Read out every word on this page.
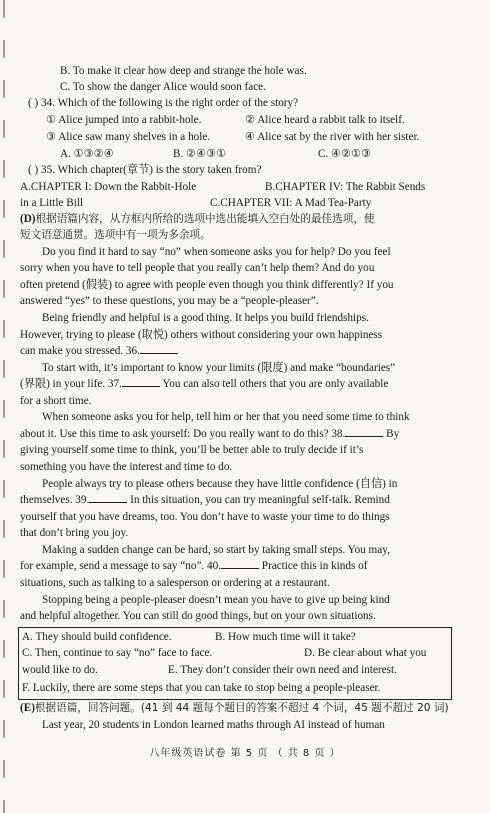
B. To make it clear how deep and strange the hole was.
C. To show the danger Alice would soon face.
( ) 34. Which of the following is the right order of the story?
① Alice jumped into a rabbit-hole.	② Alice heard a rabbit talk to itself.
③ Alice saw many shelves in a hole.	④ Alice sat by the river with her sister.
A. ①③②④	B. ②④③①	C. ④②①③
( ) 35. Which chapter(章节) is the story taken from?
A.CHAPTER I: Down the Rabbit-Hole	B.CHAPTER IV: The Rabbit Sends
in a Little Bill	C.CHAPTER VII: A Mad Tea-Party
(D)根据语篇内容，从方框内所给的选项中选出能填入空白处的最佳选项，使
短文语意通贯。选项中有一项为多余项。
Do you find it hard to say “no” when someone asks you for help? Do you feel
sorry when you have to tell people that you really can’t help them? And do you
often pretend (假装) to agree with people even though you think differently? If you
answered “yes” to these questions, you may be a “people-pleaser”.
Being friendly and helpful is a good thing. It helps you build friendships.
However, trying to please (取悦) others without considering your own happiness
can make you stressed. 36.
To start with, it’s important to know your limits (限度) and make “boundaries”
(界限) in your life. 37.	You can also tell others that you are only available
for a short time.
When someone asks you for help, tell him or her that you need some time to think
about it. Use this time to ask yourself: Do you really want to do this? 38.	By
giving yourself some time to think, you’ll be better able to truly decide if it’s
something you have the interest and time to do.
People always try to please others because they have little confidence (自信) in
themselves. 39.	In this situation, you can try meaningful self-talk. Remind
yourself that you have dreams, too. You don’t have to waste your time to do things
that don’t bring you joy.
Making a sudden change can be hard, so start by taking small steps. You may,
for example, send a message to say “no”. 40.	Practice this in kinds of
situations, such as talking to a salesperson or ordering at a restaurant.
Stopping being a people-pleaser doesn’t mean you have to give up being kind
and helpful altogether. You can still do good things, but on your own situations.
A. They should build confidence.	B. How much time will it take?
C. Then, continue to say “no” face to face.	D. Be clear about what you
would like to do.	E. They don’t consider their own need and interest.
F. Luckily, there are some steps that you can take to stop being a people-pleaser.
(E)根据语篇，回答问题。(41 到 44 题每个题目的答案不超过 4 个词，45 题不超过 20 词)
Last year, 20 students in London learned maths through AI instead of human
八年级英语试卷 第 5 页 （ 共 8 页 ）
